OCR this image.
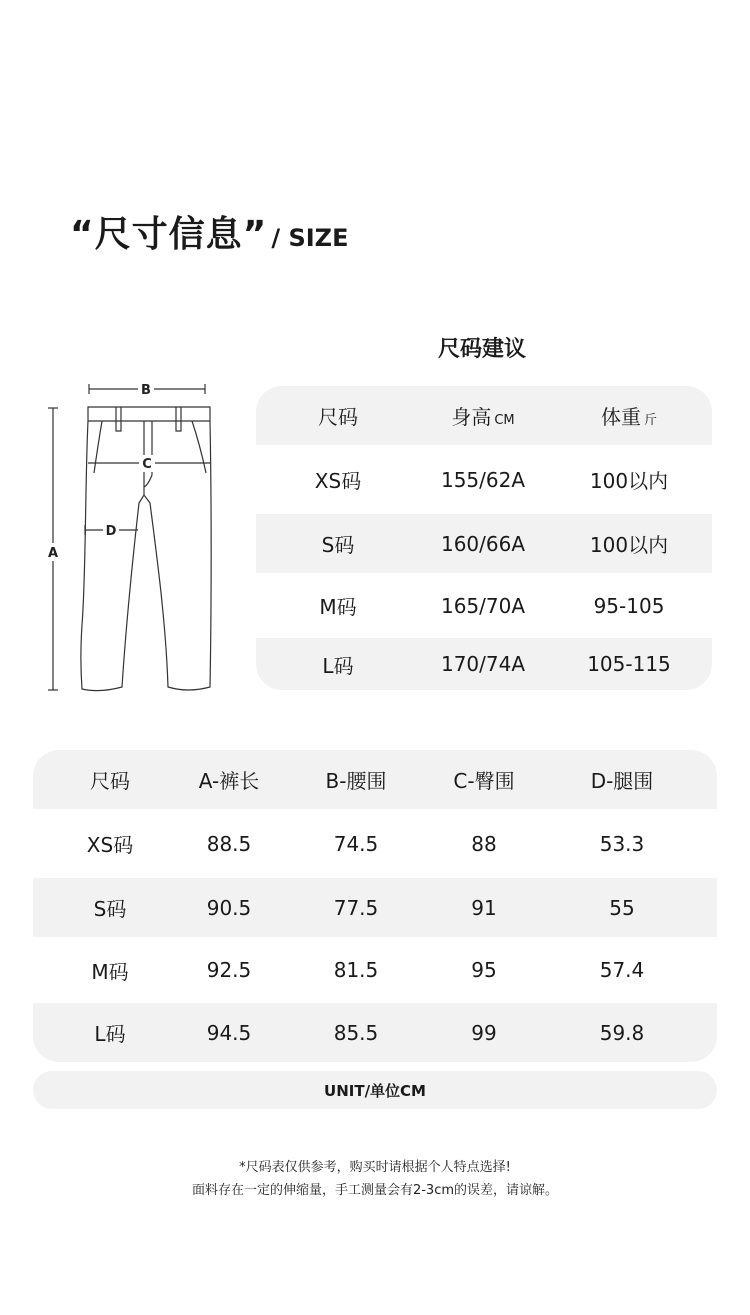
“尺寸信息” / SIZE
尺码建议
B
A
C
D
尺码	身高 CM	体重 斤
XS码	155/62A	100以内
S码	160/66A	100以内
M码	165/70A	95-105
L码	170/74A	105-115
尺码	A-裤长	B-腰围	C-臀围	D-腿围
XS码	88.5	74.5	88	53.3
S码	90.5	77.5	91	55
M码	92.5	81.5	95	57.4
L码	94.5	85.5	99	59.8
UNIT/单位CM
*尺码表仅供参考，购买时请根据个人特点选择!
面料存在一定的伸缩量，手工测量会有2-3cm的误差，请谅解。
